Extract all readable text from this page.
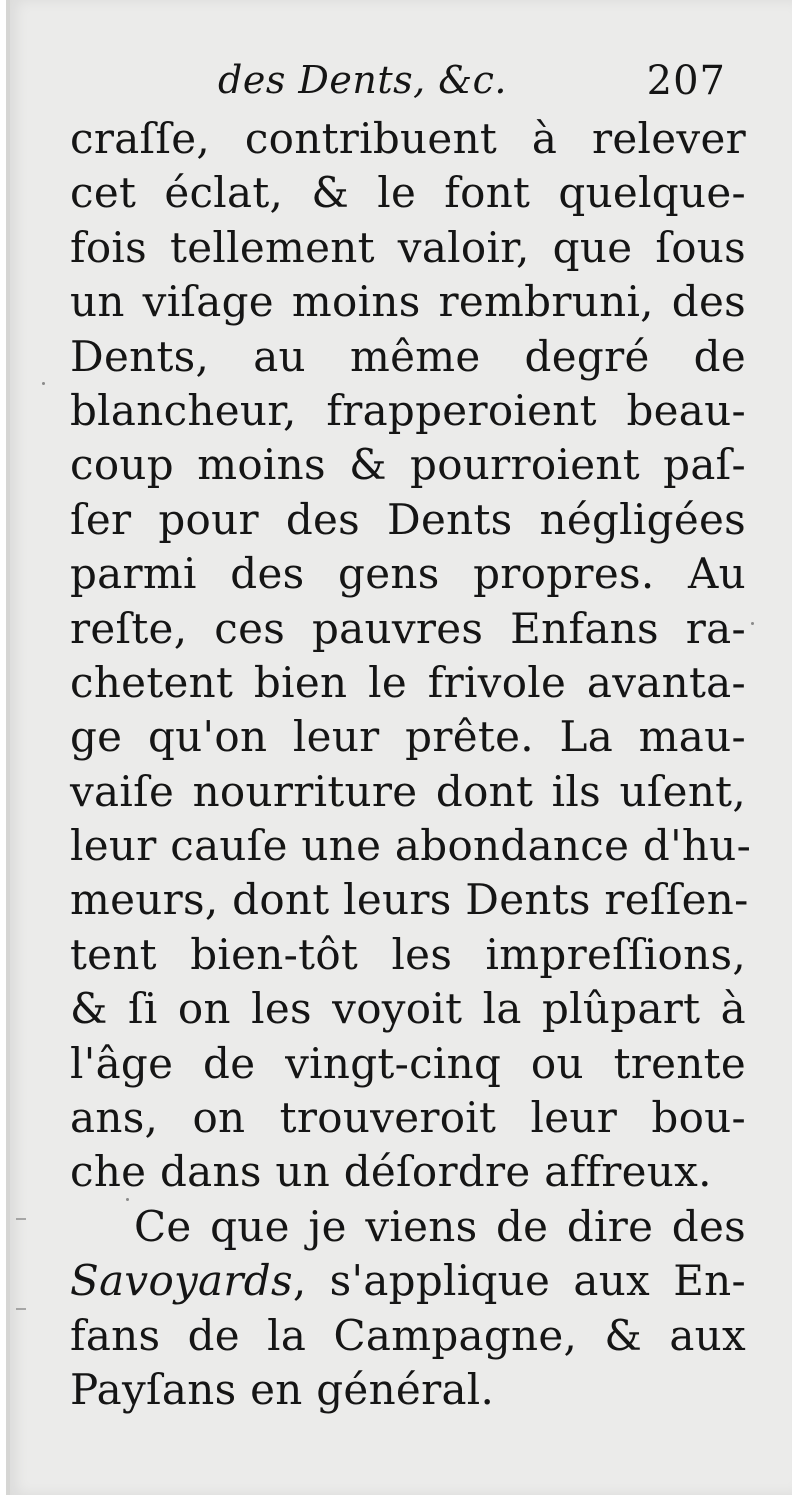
des Dents, &c.	207
craſſe, contribuent à relever
cet éclat, & le font quelque-
fois tellement valoir, que ſous
un viſage moins rembruni, des
Dents, au même degré de
blancheur, frapperoient beau-
coup moins & pourroient paſ-
ſer pour des Dents négligées
parmi des gens propres. Au
reſte, ces pauvres Enfans ra-
chetent bien le frivole avanta-
ge qu'on leur prête. La mau-
vaiſe nourriture dont ils uſent,
leur cauſe une abondance d'hu-
meurs, dont leurs Dents reſſen-
tent bien-tôt les impreſſions,
& ſi on les voyoit la plûpart à
l'âge de vingt-cinq ou trente
ans, on trouveroit leur bou-
che dans un déſordre affreux.
Ce que je viens de dire des
Savoyards, s'applique aux En-
fans de la Campagne, & aux
Payſans en général.
